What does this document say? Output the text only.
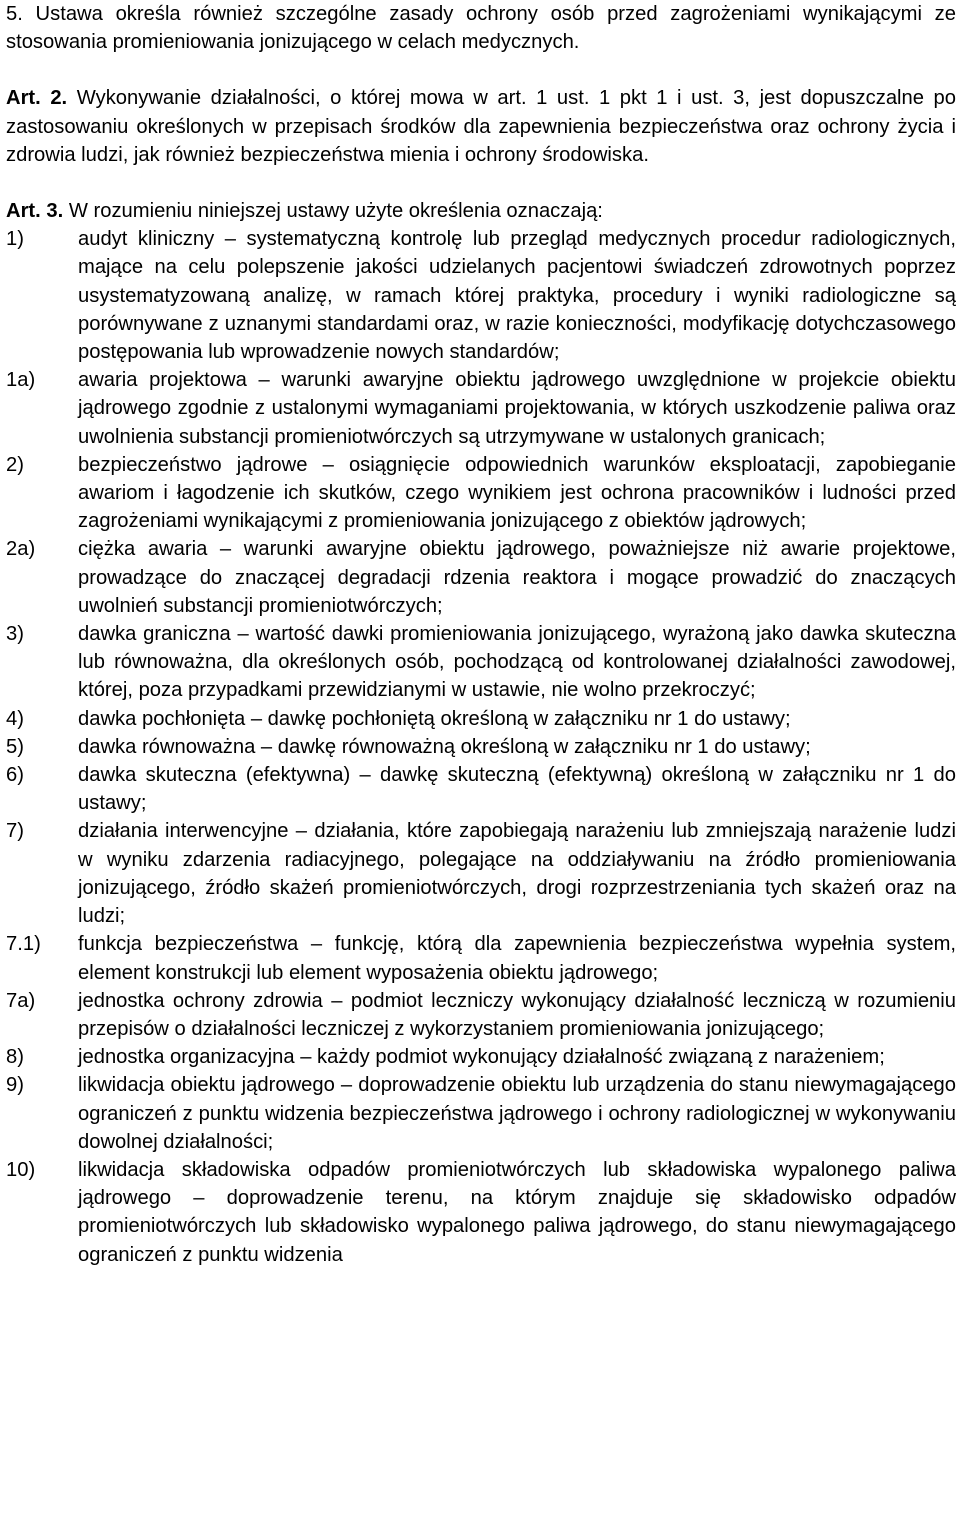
5. Ustawa określa również szczególne zasady ochrony osób przed zagrożeniami wynikającymi ze stosowania promieniowania jonizującego w celach medycznych.

Art. 2. Wykonywanie działalności, o której mowa w art. 1 ust. 1 pkt 1 i ust. 3, jest dopuszczalne po zastosowaniu określonych w przepisach środków dla zapewnienia bezpieczeństwa oraz ochrony życia i zdrowia ludzi, jak również bezpieczeństwa mienia i ochrony środowiska.

Art. 3. W rozumieniu niniejszej ustawy użyte określenia oznaczają:

1)	audyt kliniczny – systematyczną kontrolę lub przegląd medycznych procedur radiologicznych, mające na celu polepszenie jakości udzielanych pacjentowi świadczeń zdrowotnych poprzez usystematyzowaną analizę, w ramach której praktyka, procedury i wyniki radiologiczne są porównywane z uznanymi standardami oraz, w razie konieczności, modyfikację dotychczasowego postępowania lub wprowadzenie nowych standardów;

1a) awaria projektowa – warunki awaryjne obiektu jądrowego uwzględnione w projekcie obiektu jądrowego zgodnie z ustalonymi wymaganiami projektowania, w których uszkodzenie paliwa oraz uwolnienia substancji promieniotwórczych są utrzymywane w ustalonych granicach;

2)	bezpieczeństwo jądrowe – osiągnięcie odpowiednich warunków eksploatacji, zapobieganie awariom i łagodzenie ich skutków, czego wynikiem jest ochrona pracowników i ludności przed zagrożeniami wynikającymi z promieniowania jonizującego z obiektów jądrowych;

2a) ciężka awaria – warunki awaryjne obiektu jądrowego, poważniejsze niż awarie projektowe, prowadzące do znaczącej degradacji rdzenia reaktora i mogące prowadzić do znaczących uwolnień substancji promieniotwórczych;

3)	dawka graniczna – wartość dawki promieniowania jonizującego, wyrażoną jako dawka skuteczna lub równoważna, dla określonych osób, pochodzącą od kontrolowanej działalności zawodowej, której, poza przypadkami przewidzianymi w ustawie, nie wolno przekroczyć;

4)	dawka pochłonięta – dawkę pochłoniętą określoną w załączniku nr 1 do ustawy;

5)	dawka równoważna – dawkę równoważną określoną w załączniku nr 1 do ustawy;

6)	dawka skuteczna (efektywna) – dawkę skuteczną (efektywną) określoną w załączniku nr 1 do ustawy;

7)	działania interwencyjne – działania, które zapobiegają narażeniu lub zmniejszają narażenie ludzi w wyniku zdarzenia radiacyjnego, polegające na oddziaływaniu na źródło promieniowania jonizującego, źródło skażeń promieniotwórczych, drogi rozprzestrzeniania tych skażeń oraz na ludzi;

7.1) funkcja bezpieczeństwa – funkcję, którą dla zapewnienia bezpieczeństwa wypełnia system, element konstrukcji lub element wyposażenia obiektu jądrowego;

7a) jednostka ochrony zdrowia – podmiot leczniczy wykonujący działalność leczniczą w rozumieniu przepisów o działalności leczniczej z wykorzystaniem promieniowania jonizującego;

8)	jednostka organizacyjna – każdy podmiot wykonujący działalność związaną z narażeniem;

9)	likwidacja obiektu jądrowego – doprowadzenie obiektu lub urządzenia do stanu niewymagającego ograniczeń z punktu widzenia bezpieczeństwa jądrowego i ochrony radiologicznej w wykonywaniu dowolnej działalności;

10) likwidacja składowiska odpadów promieniotwórczych lub składowiska wypalonego paliwa jądrowego – doprowadzenie terenu, na którym znajduje się składowisko odpadów promieniotwórczych lub składowisko wypalonego paliwa jądrowego, do stanu niewymagającego ograniczeń z punktu widzenia
